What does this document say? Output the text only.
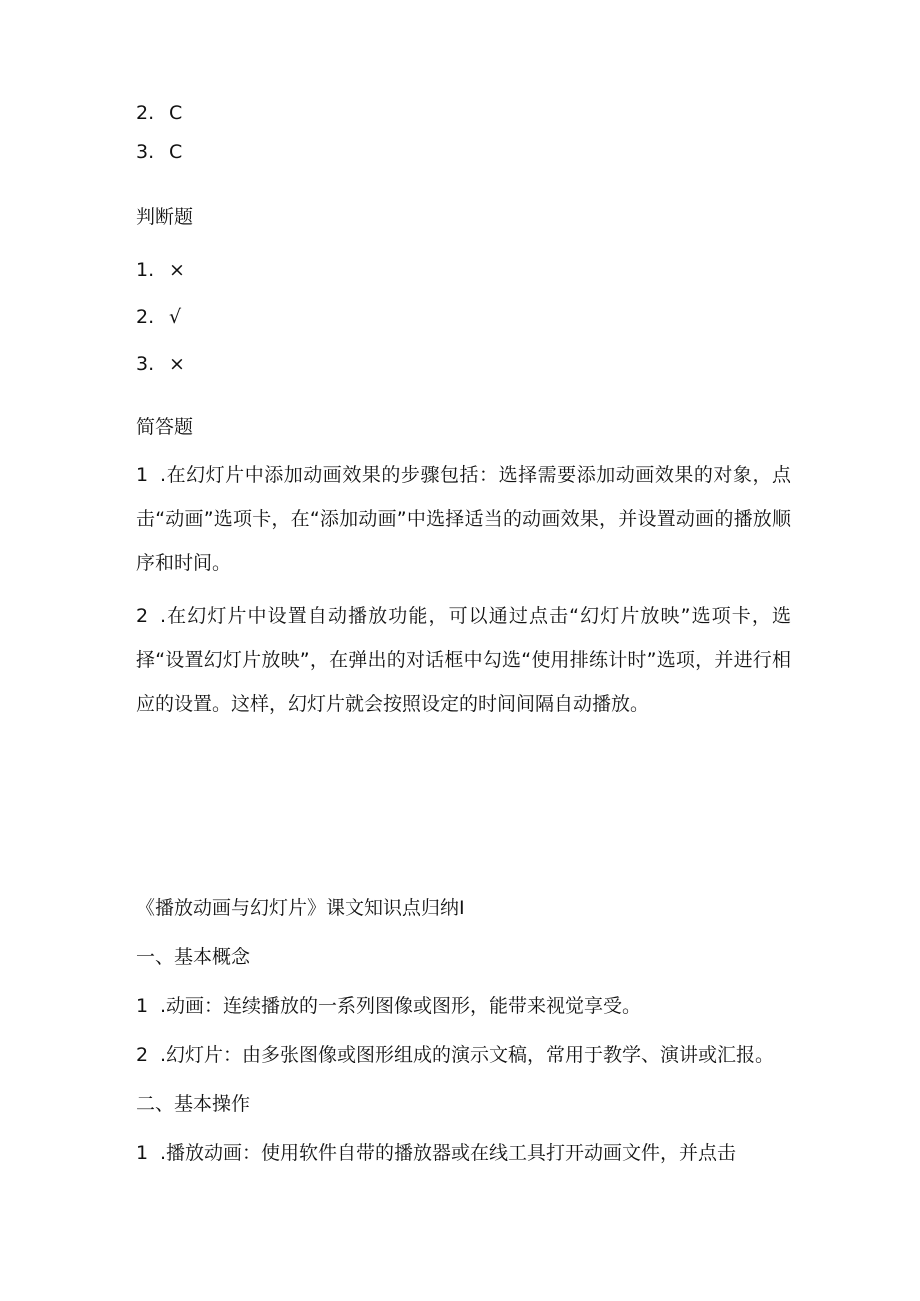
2. C
3. C
判断题
1. ×
2. √
3. ×
简答题
1 .在幻灯片中添加动画效果的步骤包括：选择需要添加动画效果的对象，点击“动画”选项卡，在“添加动画”中选择适当的动画效果，并设置动画的播放顺序和时间。
2 .在幻灯片中设置自动播放功能，可以通过点击“幻灯片放映”选项卡，选择“设置幻灯片放映”，在弹出的对话框中勾选“使用排练计时”选项，并进行相应的设置。这样，幻灯片就会按照设定的时间间隔自动播放。
《播放动画与幻灯片》课文知识点归纳I
一、基本概念
1 .动画：连续播放的一系列图像或图形，能带来视觉享受。
2 .幻灯片：由多张图像或图形组成的演示文稿，常用于教学、演讲或汇报。
二、基本操作
1 .播放动画：使用软件自带的播放器或在线工具打开动画文件，并点击
